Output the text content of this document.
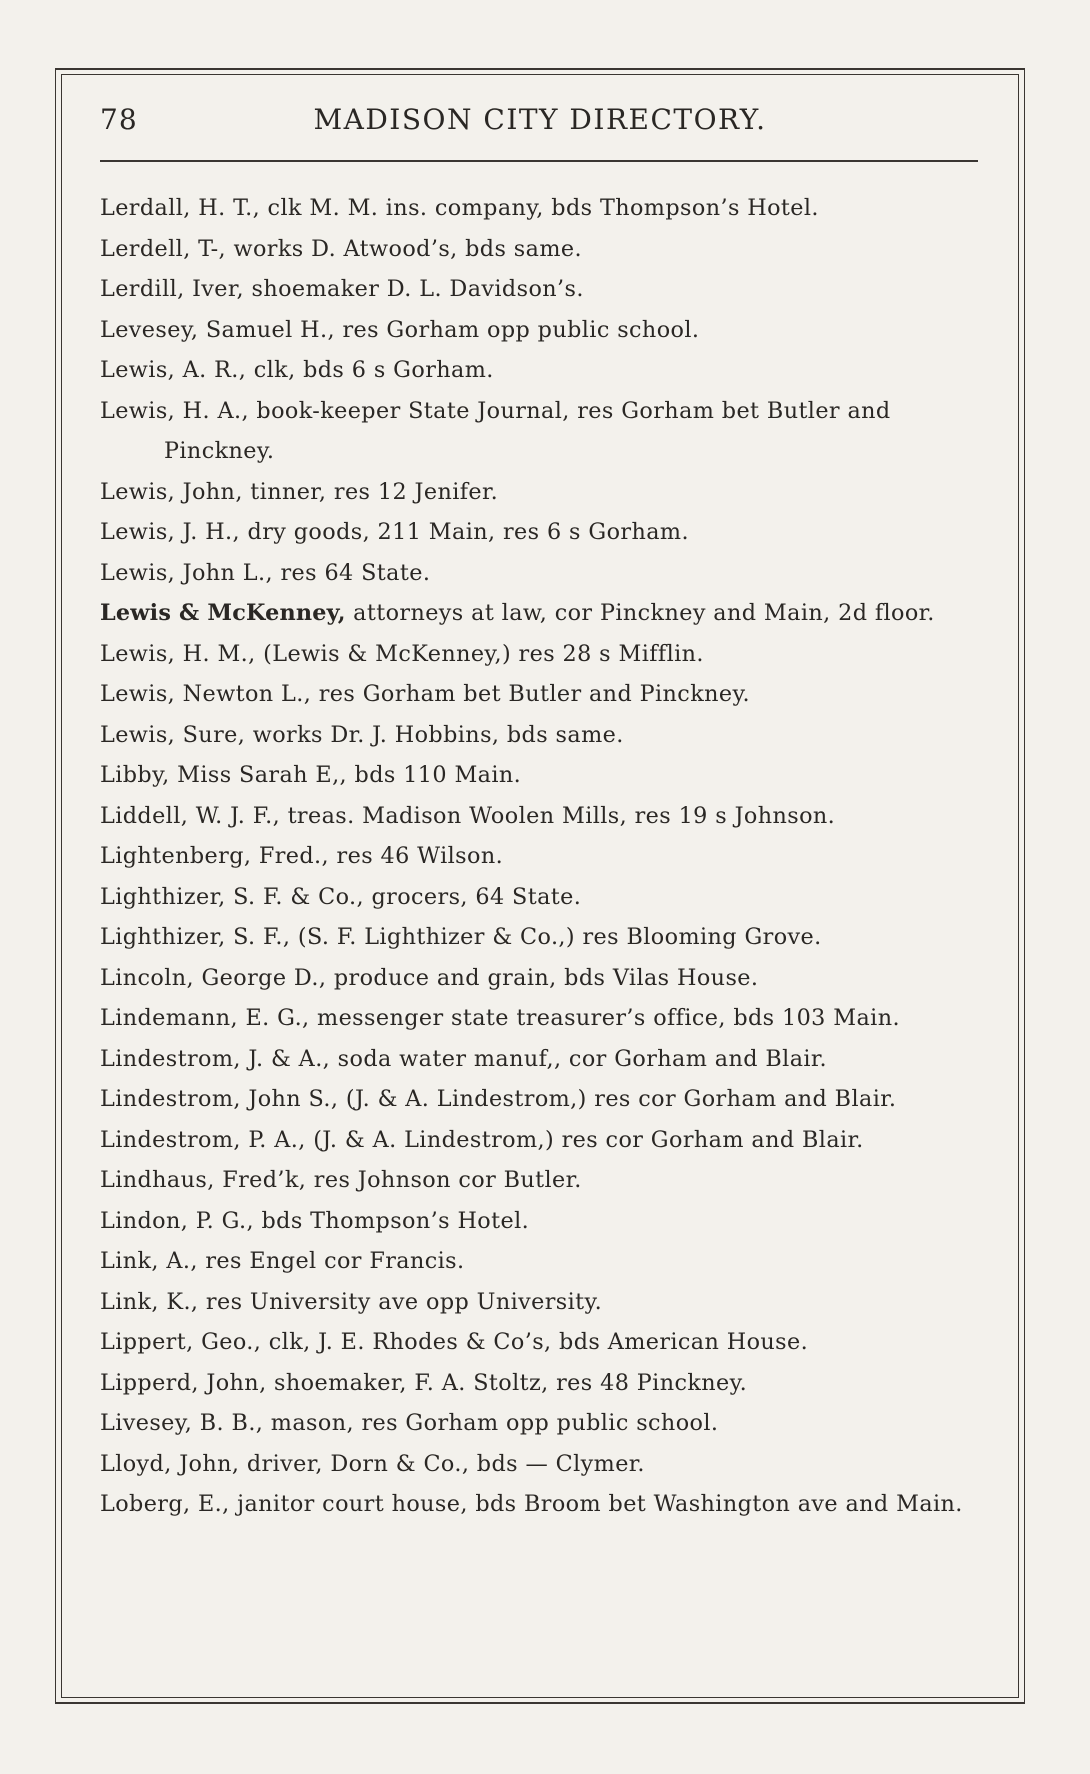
78	MADISON CITY DIRECTORY.
Lerdall, H. T., clk M. M. ins. company, bds Thompson’s Hotel.
Lerdell, T-, works D. Atwood’s, bds same.
Lerdill, Iver, shoemaker D. L. Davidson’s.
Levesey, Samuel H., res Gorham opp public school.
Lewis, A. R., clk, bds 6 s Gorham.
Lewis, H. A., book-keeper State Journal, res Gorham bet Butler and Pinckney.
Lewis, John, tinner, res 12 Jenifer.
Lewis, J. H., dry goods, 211 Main, res 6 s Gorham.
Lewis, John L., res 64 State.
Lewis & McKenney, attorneys at law, cor Pinckney and Main, 2d floor.
Lewis, H. M., (Lewis & McKenney,) res 28 s Mifflin.
Lewis, Newton L., res Gorham bet Butler and Pinckney.
Lewis, Sure, works Dr. J. Hobbins, bds same.
Libby, Miss Sarah E,, bds 110 Main.
Liddell, W. J. F., treas. Madison Woolen Mills, res 19 s Johnson.
Lightenberg, Fred., res 46 Wilson.
Lighthizer, S. F. & Co., grocers, 64 State.
Lighthizer, S. F., (S. F. Lighthizer & Co.,) res Blooming Grove.
Lincoln, George D., produce and grain, bds Vilas House.
Lindemann, E. G., messenger state treasurer’s office, bds 103 Main.
Lindestrom, J. & A., soda water manuf,, cor Gorham and Blair.
Lindestrom, John S., (J. & A. Lindestrom,) res cor Gorham and Blair.
Lindestrom, P. A., (J. & A. Lindestrom,) res cor Gorham and Blair.
Lindhaus, Fred’k, res Johnson cor Butler.
Lindon, P. G., bds Thompson’s Hotel.
Link, A., res Engel cor Francis.
Link, K., res University ave opp University.
Lippert, Geo., clk, J. E. Rhodes & Co’s, bds American House.
Lipperd, John, shoemaker, F. A. Stoltz, res 48 Pinckney.
Livesey, B. B., mason, res Gorham opp public school.
Lloyd, John, driver, Dorn & Co., bds — Clymer.
Loberg, E., janitor court house, bds Broom bet Washington ave and Main.
